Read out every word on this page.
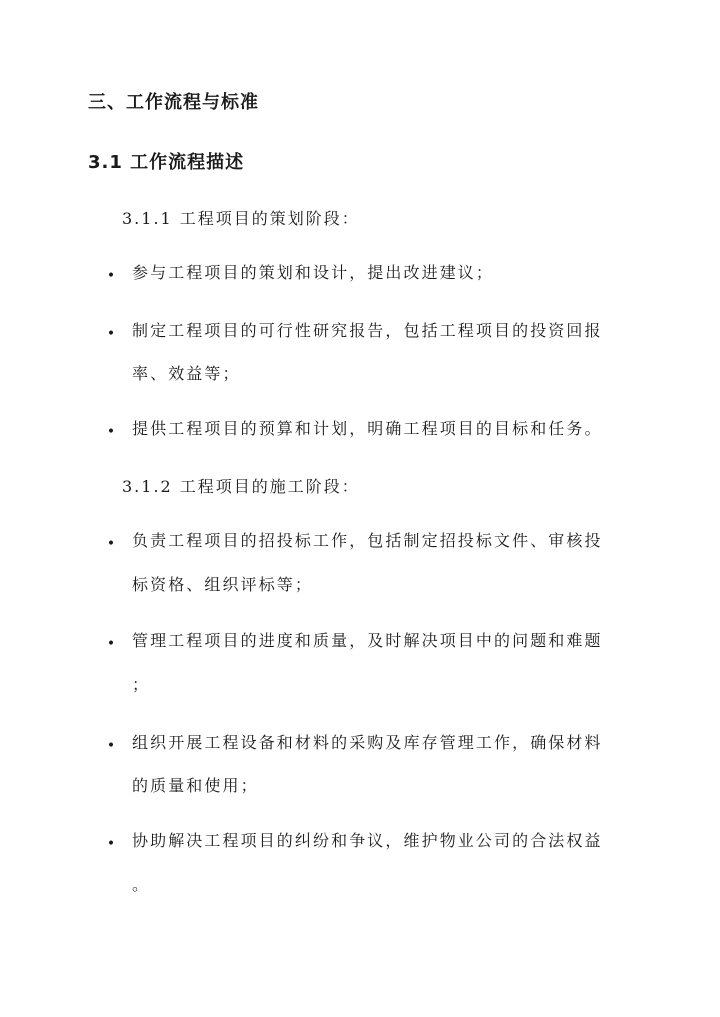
三、工作流程与标准
3.1 工作流程描述
3.1.1 工程项目的策划阶段：
• 参与工程项目的策划和设计，提出改进建议；
• 制定工程项目的可行性研究报告，包括工程项目的投资回报
率、效益等；
• 提供工程项目的预算和计划，明确工程项目的目标和任务。
3.1.2 工程项目的施工阶段：
• 负责工程项目的招投标工作，包括制定招投标文件、审核投
标资格、组织评标等；
• 管理工程项目的进度和质量，及时解决项目中的问题和难题
；
• 组织开展工程设备和材料的采购及库存管理工作，确保材料
的质量和使用；
• 协助解决工程项目的纠纷和争议，维护物业公司的合法权益
。
